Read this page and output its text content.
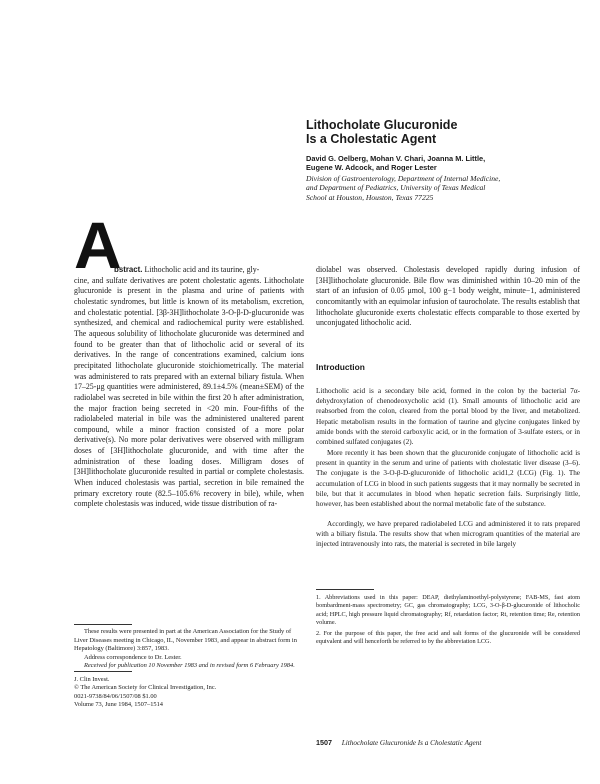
Lithocholate Glucuronide
Is a Cholestatic Agent
David G. Oelberg, Mohan V. Chari, Joanna M. Little,
Eugene W. Adcock, and Roger Lester
Division of Gastroenterology, Department of Internal Medicine,
and Department of Pediatrics, University of Texas Medical
School at Houston, Houston, Texas 77225
A
bstract. Lithocholic acid and its taurine, gly-
cine, and sulfate derivatives are potent cholestatic agents. Lithocholate glucuronide is present in the plasma and urine of patients with cholestatic syndromes, but little is known of its metabolism, excretion, and cholestatic potential. [3β-3H]lithocholate 3-O-β-D-glucuronide was synthesized, and chemical and radiochemical purity were established. The aqueous solubility of lithocholate glucuronide was determined and found to be greater than that of lithocholic acid or several of its derivatives. In the range of concentrations examined, calcium ions precipitated lithocholate glucuronide stoichiometrically. The material was administered to rats prepared with an external biliary fistula. When 17–25-μg quantities were administered, 89.1±4.5% (mean±SEM) of the radiolabel was secreted in bile within the first 20 h after administration, the major fraction being secreted in <20 min. Four-fifths of the radiolabeled material in bile was the administered unaltered parent compound, while a minor fraction consisted of a more polar derivative(s). No more polar derivatives were observed with milligram doses of [3H]lithocholate glucuronide, and with time after the administration of these loading doses. Milligram doses of [3H]lithocholate glucuronide resulted in partial or complete cholestasis. When induced cholestasis was partial, secretion in bile remained the primary excretory route (82.5–105.6% recovery in bile), while, when complete cholestasis was induced, wide tissue distribution of ra-
diolabel was observed. Cholestasis developed rapidly during infusion of [3H]lithocholate glucuronide. Bile flow was diminished within 10–20 min of the start of an infusion of 0.05 μmol, 100 g−1 body weight, minute−1, administered concomitantly with an equimolar infusion of taurocholate. The results establish that lithocholate glucuronide exerts cholestatic effects comparable to those exerted by unconjugated lithocholic acid.
Introduction
Lithocholic acid is a secondary bile acid, formed in the colon by the bacterial 7α-dehydroxylation of chenodeoxycholic acid (1). Small amounts of lithocholic acid are reabsorbed from the colon, cleared from the portal blood by the liver, and metabolized. Hepatic metabolism results in the formation of taurine and glycine conjugates linked by amide bonds with the steroid carboxylic acid, or in the formation of 3-sulfate esters, or in combined sulfated conjugates (2).
More recently it has been shown that the glucuronide conjugate of lithocholic acid is present in quantity in the serum and urine of patients with cholestatic liver disease (3–6). The conjugate is the 3-O-β-D-glucuronide of lithocholic acid1,2 (LCG) (Fig. 1). The accumulation of LCG in blood in such patients suggests that it may normally be secreted in bile, but that it accumulates in blood when hepatic secretion fails. Surprisingly little, however, has been established about the normal metabolic fate of the substance.
Accordingly, we have prepared radiolabeled LCG and administered it to rats prepared with a biliary fistula. The results show that when microgram quantities of the material are injected intravenously into rats, the material is secreted in bile largely

These results were presented in part at the American Association for the Study of Liver Diseases meeting in Chicago, IL, November 1983, and appear in abstract form in Hepatology (Baltimore) 3:857, 1983.

Address correspondence to Dr. Lester.

Received for publication 10 November 1983 and in revised form 6 February 1984.

J. Clin Invest.

© The American Society for Clinical Investigation, Inc.

0021-9738/84/06/1507/08 $1.00

Volume 73, June 1984, 1507–1514

1. Abbreviations used in this paper: DEAP, diethylaminoethyl-polystyrene; FAB-MS, fast atom bombardment-mass spectrometry; GC, gas chromatography; LCG, 3-O-β-D-glucuronide of lithocholic acid; HPLC, high pressure liquid chromatography; Rf, retardation factor; Rt, retention time; Re, retention volume.

2. For the purpose of this paper, the free acid and salt forms of the glucuronide will be considered equivalent and will henceforth be referred to by the abbreviation LCG.

1507 Lithocholate Glucuronide Is a Cholestatic Agent
